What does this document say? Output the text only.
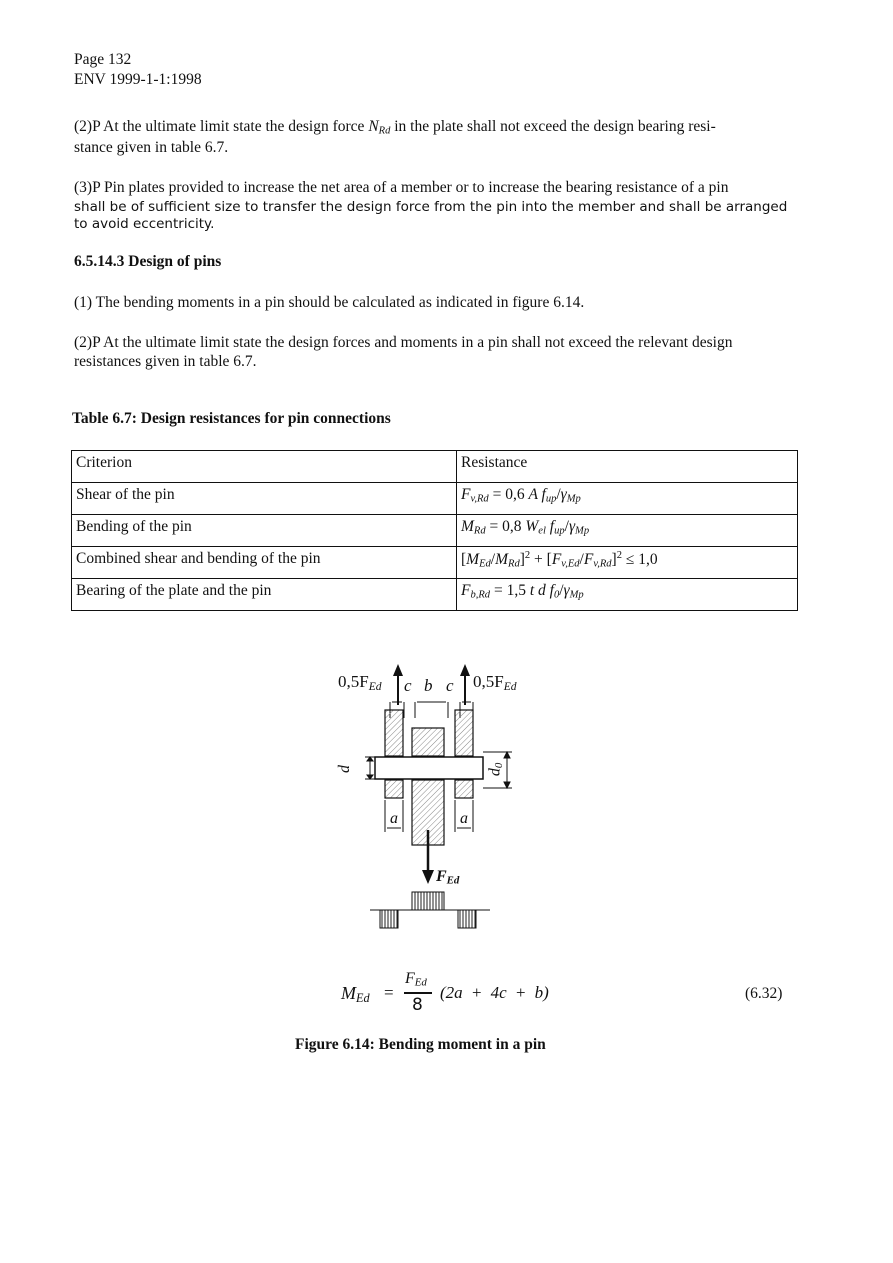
Page 132
ENV 1999-1-1:1998
(2)P At the ultimate limit state the design force $N_{Rd}$ in the plate shall not exceed the design bearing resi-
stance given in table 6.7.
(3)P Pin plates provided to increase the net area of a member or to increase the bearing resistance of a pin
shall be of sufficient size to transfer the design force from the pin into the member and shall be arranged
to avoid eccentricity.
6.5.14.3 Design of pins
(1) The bending moments in a pin should be calculated as indicated in figure 6.14.
(2)P At the ultimate limit state the design forces and moments in a pin shall not exceed the relevant design
resistances given in table 6.7.
Table 6.7: Design resistances for pin connections
Criterion	Resistance
Shear of the pin	$F_{v,Rd} = 0,6$ A $f_{up}/\gamma_{Mp}$
Bending of the pin	$M_{Rd} = 0,8$ $W_{el}$ $f_{up}/\gamma_{Mp}$
Combined shear and bending of the pin	$[M_{Ed}/M_{Rd}]^2 + [F_{v,Ed}/F_{v,Rd}]^2 \le 1,0$
Bearing of the plate and the pin	$F_{b,Rd} = 1,5$ t d $f_0/\gamma_{Mp}$
$0,5F_{Ed}$	$0,5F_{Ed}$
c b c
d	$d_0$
a	a
$F_{Ed}$
$M_{Ed}$ =
$F_{Ed}$
8
(2a + 4c + b)	(6.32)
Figure 6.14: Bending moment in a pin
